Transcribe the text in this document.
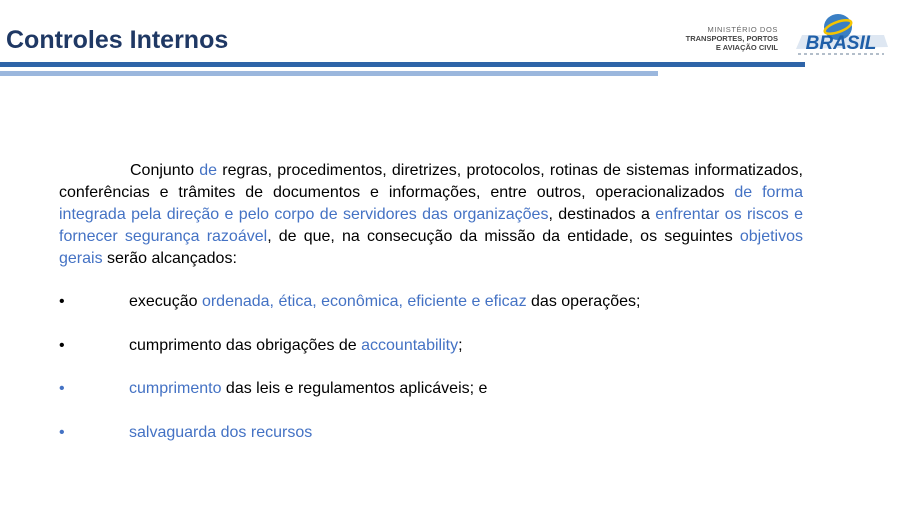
Controles Internos	MINISTÉRIO DOS
TRANSPORTES, PORTOS
E AVIAÇÃO CIVIL BRASIL
Conjunto de regras, procedimentos, diretrizes, protocolos, rotinas de sistemas informatizados, conferências e trâmites de documentos e informações, entre outros, operacionalizados de forma integrada pela direção e pelo corpo de servidores das organizações, destinados a enfrentar os riscos e fornecer segurança razoável, de que, na consecução da missão da entidade, os seguintes objetivos gerais serão alcançados:
•	execução ordenada, ética, econômica, eficiente e eficaz das operações;
•	cumprimento das obrigações de accountability;
•	cumprimento das leis e regulamentos aplicáveis; e
•	salvaguarda dos recursos
